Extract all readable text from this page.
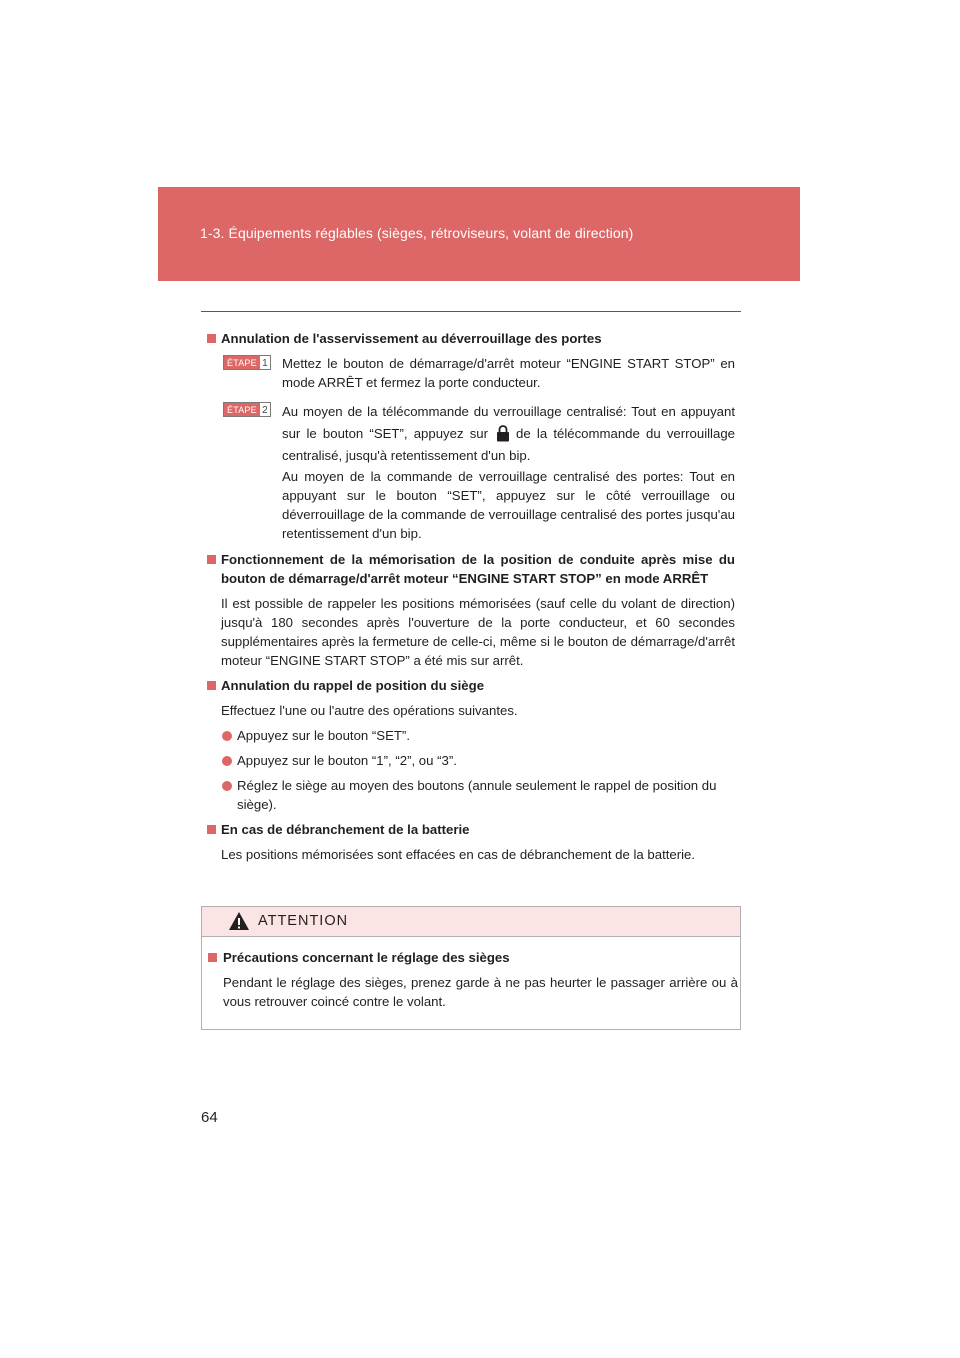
1-3. Équipements réglables (sièges, rétroviseurs, volant de direction)

Annulation de l'asservissement au déverrouillage des portes

ÉTAPE 1 Mettez le bouton de démarrage/d'arrêt moteur “ENGINE START STOP” en mode ARRÊT et fermez la porte conducteur.

ÉTAPE 2 Au moyen de la télécommande du verrouillage centralisé: Tout en appuyant sur le bouton “SET”, appuyez sur de la télécommande du verrouillage centralisé, jusqu'à retentissement d'un bip.

Au moyen de la commande de verrouillage centralisé des portes: Tout en appuyant sur le bouton “SET”, appuyez sur le côté verrouillage ou déverrouillage de la commande de verrouillage centralisé des portes jusqu'au retentissement d'un bip.

Fonctionnement de la mémorisation de la position de conduite après mise du bouton de démarrage/d'arrêt moteur “ENGINE START STOP” en mode ARRÊT

Il est possible de rappeler les positions mémorisées (sauf celle du volant de direction) jusqu'à 180 secondes après l'ouverture de la porte conducteur, et 60 secondes supplémentaires après la fermeture de celle-ci, même si le bouton de démarrage/d'arrêt moteur “ENGINE START STOP” a été mis sur arrêt.

Annulation du rappel de position du siège

Effectuez l'une ou l'autre des opérations suivantes.

Appuyez sur le bouton “SET”.

Appuyez sur le bouton “1”, “2”, ou “3”.

Réglez le siège au moyen des boutons (annule seulement le rappel de position du siège).

En cas de débranchement de la batterie

Les positions mémorisées sont effacées en cas de débranchement de la batterie.

ATTENTION

Précautions concernant le réglage des sièges

Pendant le réglage des sièges, prenez garde à ne pas heurter le passager arrière ou à vous retrouver coincé contre le volant.

64
